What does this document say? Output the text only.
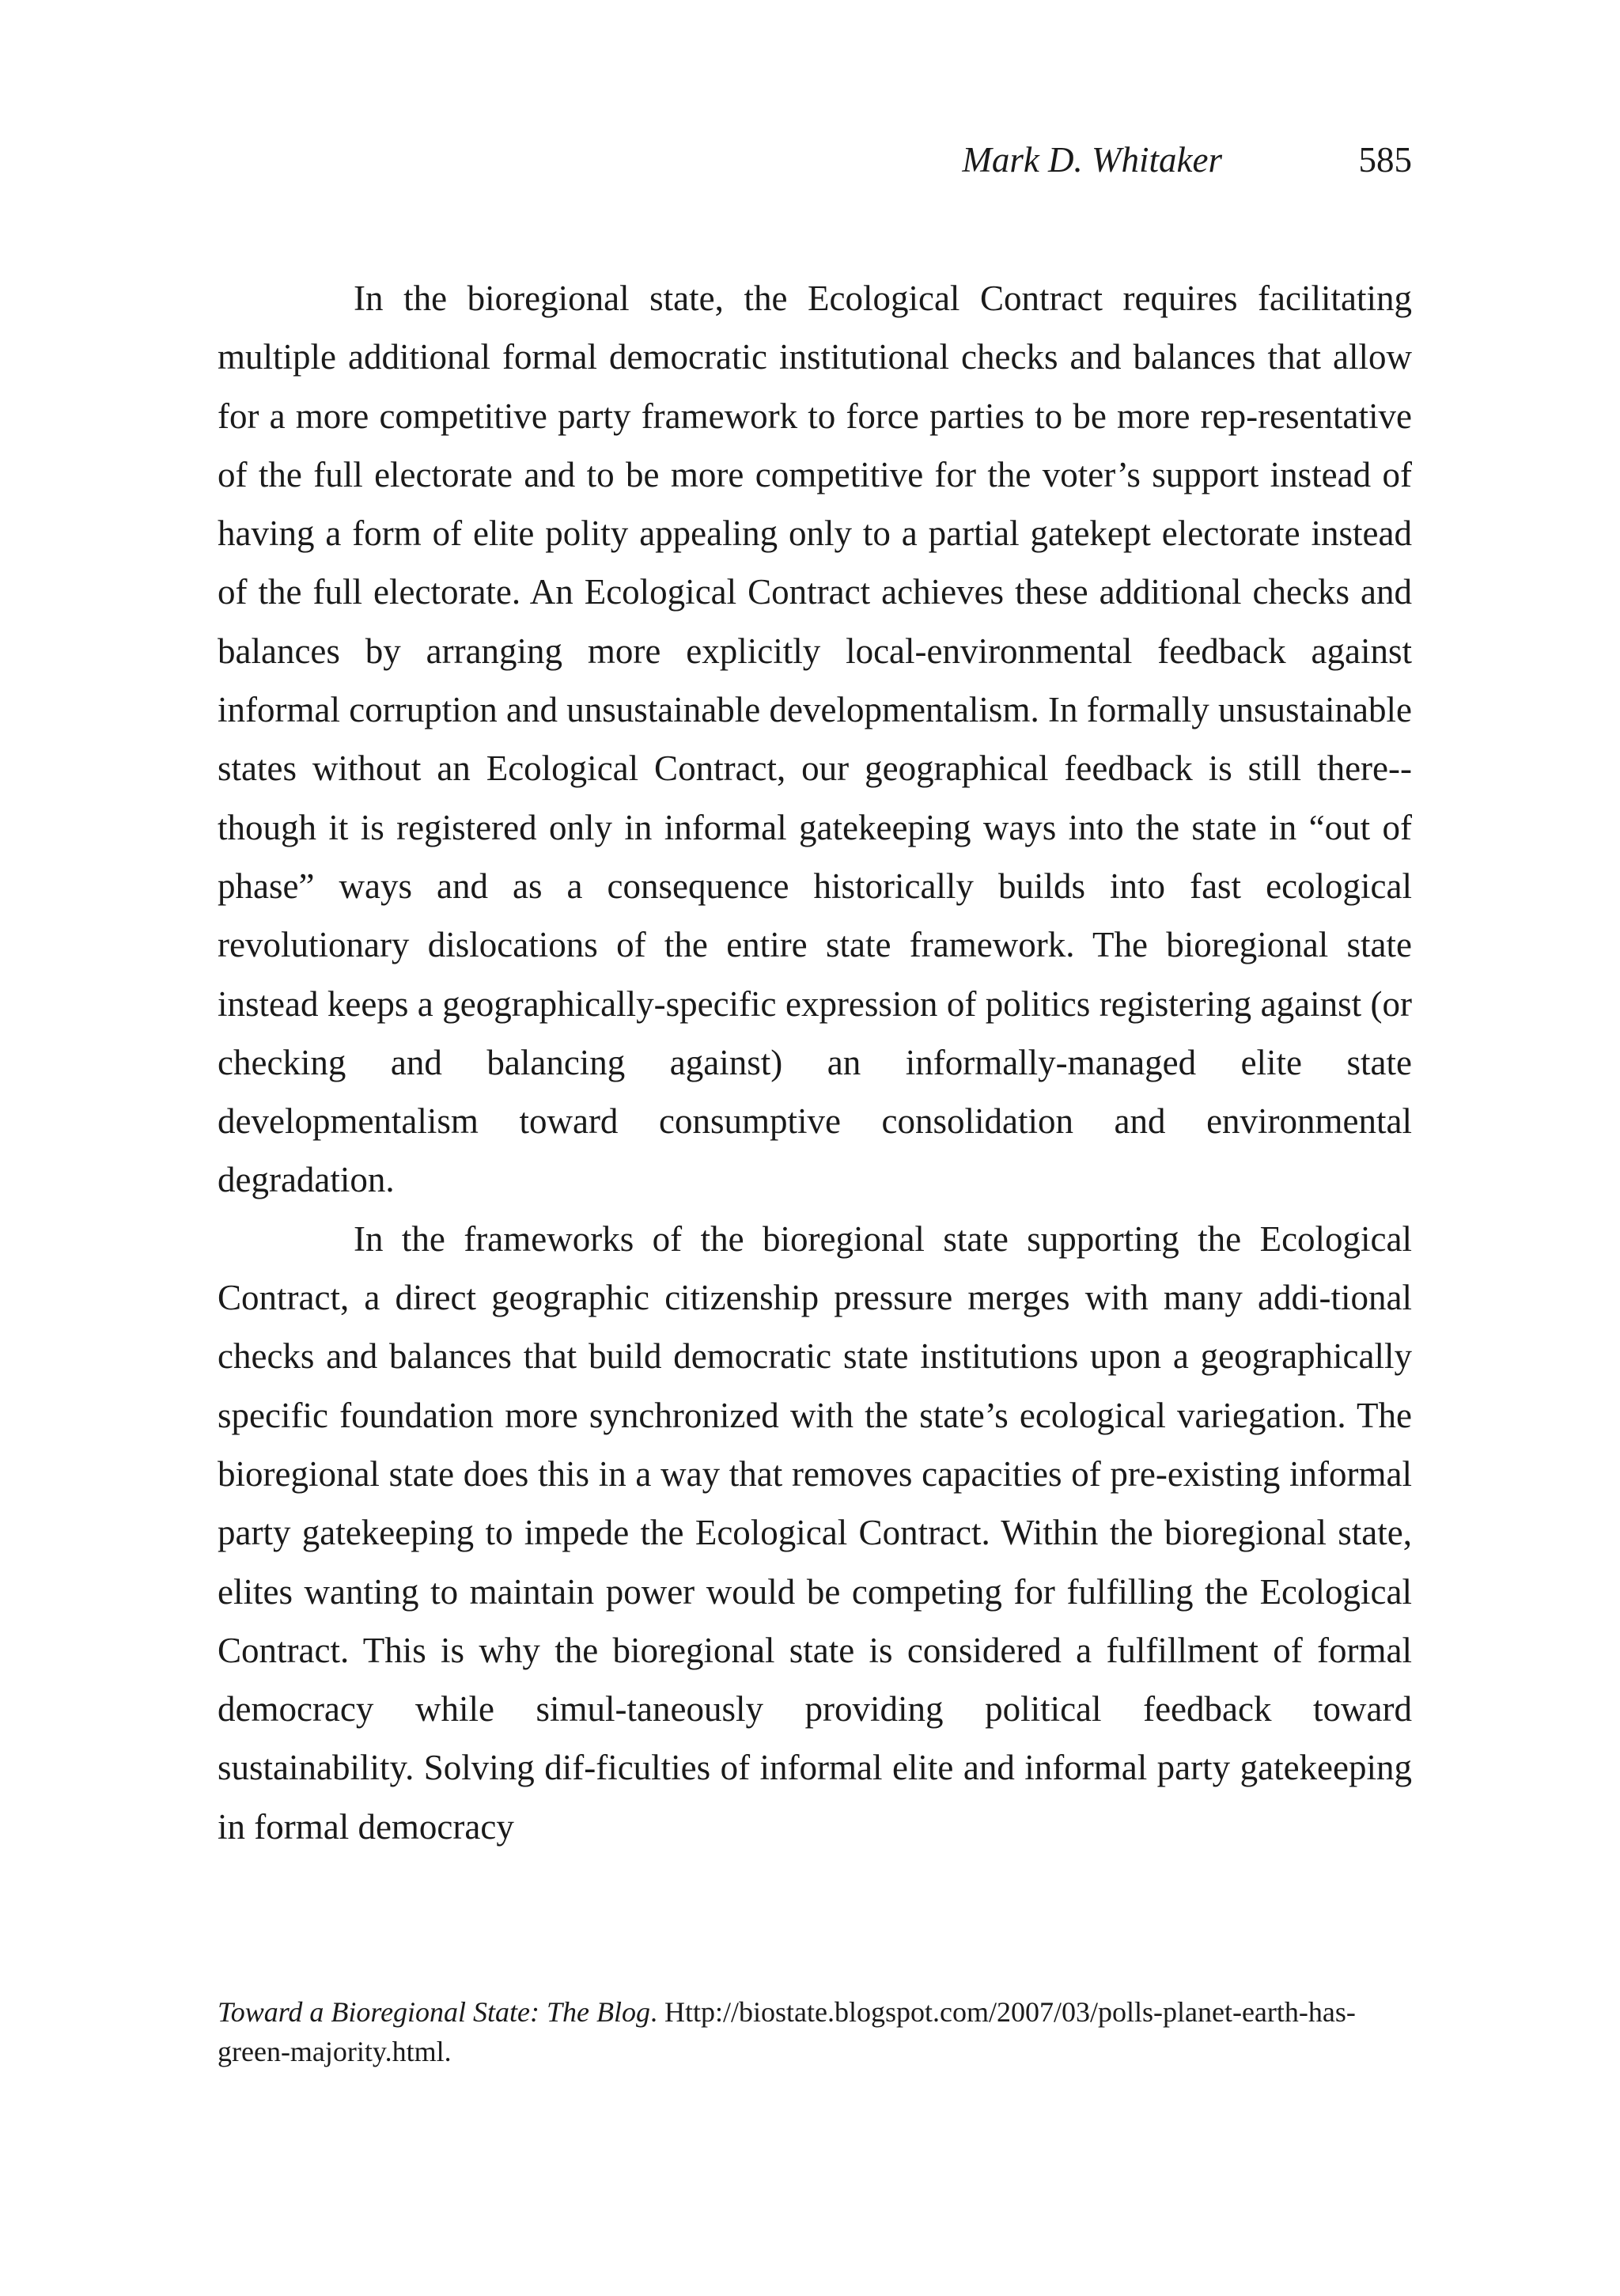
Mark D. Whitaker	585

In the bioregional state, the Ecological Contract requires facilitating multiple additional formal democratic institutional checks and balances that allow for a more competitive party framework to force parties to be more rep-resentative of the full electorate and to be more competitive for the voter’s support instead of having a form of elite polity appealing only to a partial gatekept electorate instead of the full electorate. An Ecological Contract achieves these additional checks and balances by arranging more explicitly local-environmental feedback against informal corruption and unsustainable developmentalism. In formally unsustainable states without an Ecological Contract, our geographical feedback is still there--though it is registered only in informal gatekeeping ways into the state in “out of phase” ways and as a consequence historically builds into fast ecological revolutionary dislocations of the entire state framework. The bioregional state instead keeps a geographically-specific expression of politics registering against (or checking and balancing against) an informally-managed elite state developmentalism toward consumptive consolidation and environmental degradation.

In the frameworks of the bioregional state supporting the Ecological Contract, a direct geographic citizenship pressure merges with many addi-tional checks and balances that build democratic state institutions upon a geographically specific foundation more synchronized with the state’s ecological variegation. The bioregional state does this in a way that removes capacities of pre-existing informal party gatekeeping to impede the Ecological Contract. Within the bioregional state, elites wanting to maintain power would be competing for fulfilling the Ecological Contract. This is why the bioregional state is considered a fulfillment of formal democracy while simul-taneously providing political feedback toward sustainability. Solving dif-ficulties of informal elite and informal party gatekeeping in formal democracy

Toward a Bioregional State: The Blog. Http://biostate.blogspot.com/2007/03/polls-planet-earth-has-green-majority.html.
